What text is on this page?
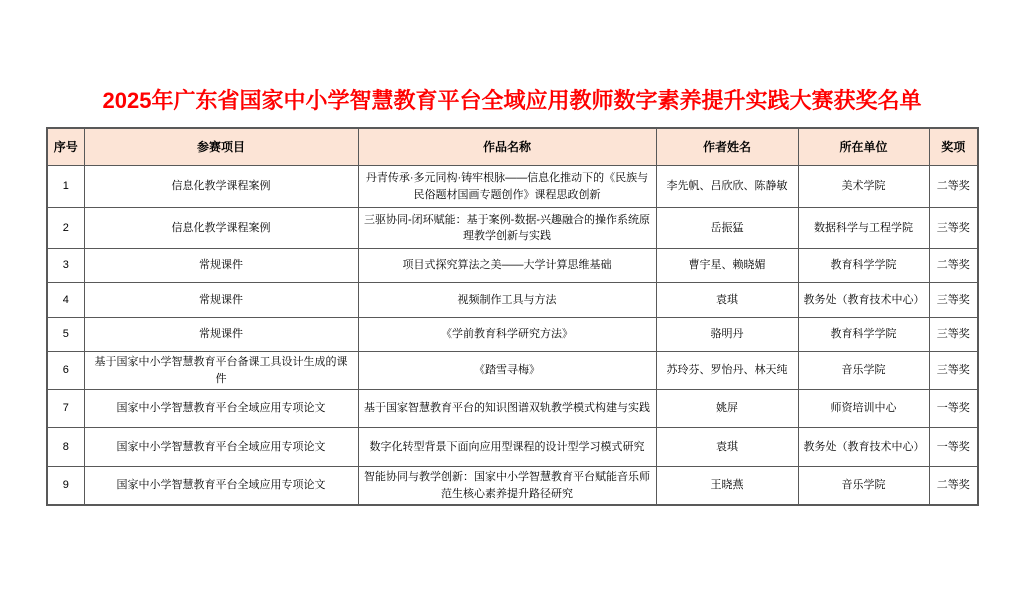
2025年广东省国家中小学智慧教育平台全域应用教师数字素养提升实践大赛获奖名单
序号	参赛项目	作品名称	作者姓名	所在单位	奖项
1	信息化教学课程案例	丹青传承·多元同构·铸牢根脉——信息化推动下的《民族与民俗题材国画专题创作》课程思政创新	李先帆、吕欣欣、陈静敏	美术学院	二等奖
2	信息化教学课程案例	三驱协同-闭环赋能：基于案例-数据-兴趣融合的操作系统原理教学创新与实践	岳振猛	数据科学与工程学院	三等奖
3	常规课件	项目式探究算法之美——大学计算思维基础	曹宇星、赖晓媚	教育科学学院	二等奖
4	常规课件	视频制作工具与方法	袁琪	教务处（教育技术中心）	三等奖
5	常规课件	《学前教育科学研究方法》	骆明丹	教育科学学院	三等奖
6	基于国家中小学智慧教育平台备课工具设计生成的课件	《踏雪寻梅》	苏玲芬、罗怡丹、林天纯	音乐学院	三等奖
7	国家中小学智慧教育平台全域应用专项论文	基于国家智慧教育平台的知识图谱双轨教学模式构建与实践	姚屏	师资培训中心	一等奖
8	国家中小学智慧教育平台全域应用专项论文	数字化转型背景下面向应用型课程的设计型学习模式研究	袁琪	教务处（教育技术中心）	一等奖
9	国家中小学智慧教育平台全域应用专项论文	智能协同与教学创新：国家中小学智慧教育平台赋能音乐师范生核心素养提升路径研究	王晓燕	音乐学院	二等奖
